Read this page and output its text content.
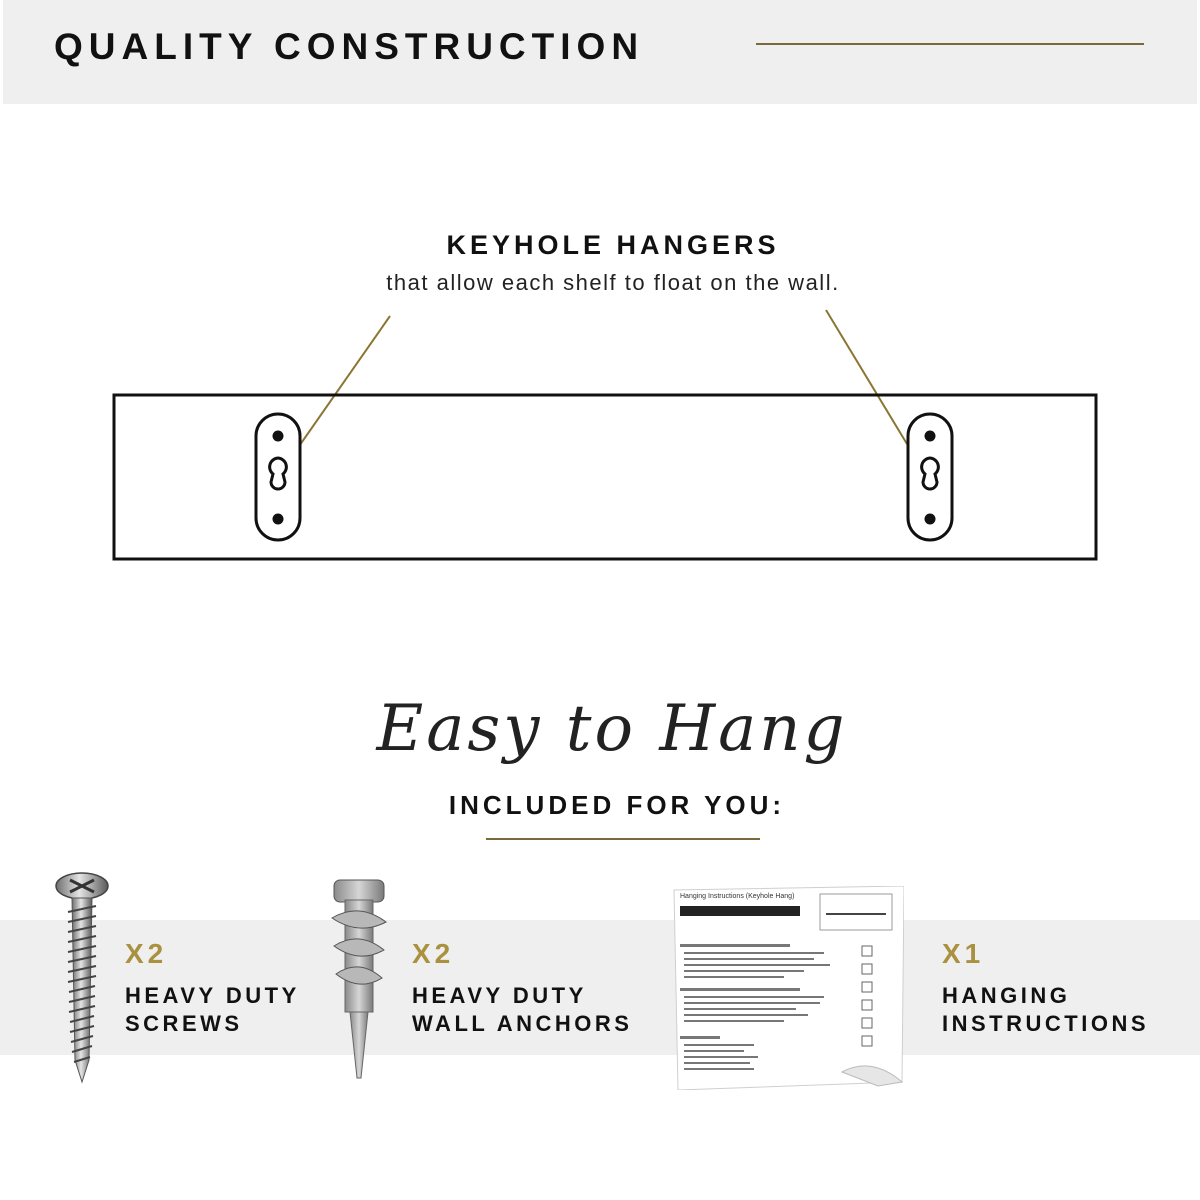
QUALITY CONSTRUCTION
KEYHOLE HANGERS
that allow each shelf to float on the wall.
Easy to Hang
INCLUDED FOR YOU:
X2
HEAVY DUTY
SCREWS
X2
HEAVY DUTY
WALL ANCHORS
Hanging Instructions (Keyhole Hang)
X1
HANGING
INSTRUCTIONS
